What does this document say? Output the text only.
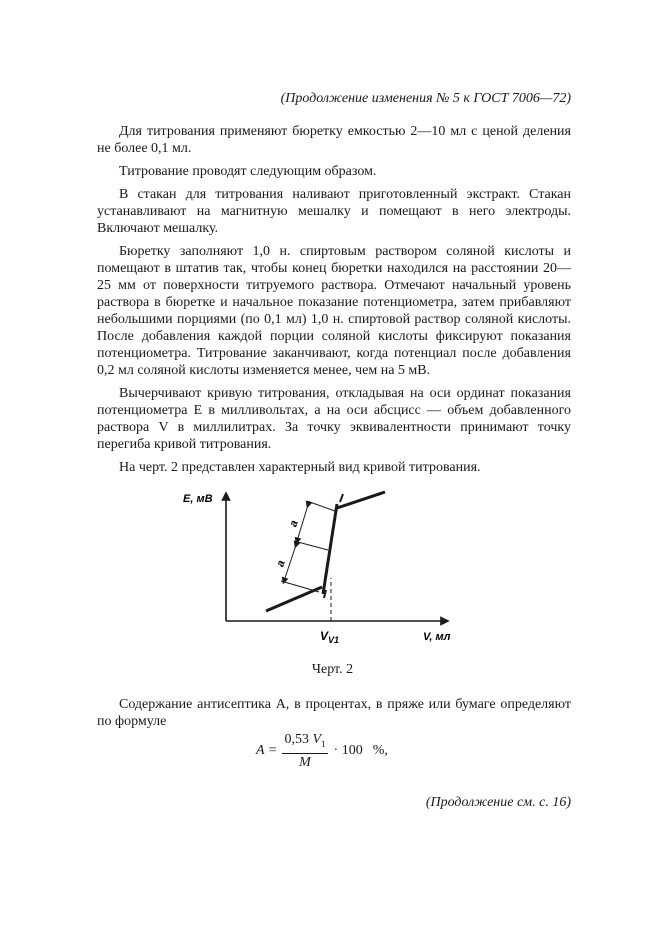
(Продолжение изменения № 5 к ГОСТ 7006—72)

Для титрования применяют бюретку емкостью 2—10 мл с ценой деления не более 0,1 мл.

Титрование проводят следующим образом.

В стакан для титрования наливают приготовленный экстракт. Стакан устанавливают на магнитную мешалку и помещают в него электроды. Включают мешалку.

Бюретку заполняют 1,0 н. спиртовым раствором соляной кислоты и помещают в штатив так, чтобы конец бюретки находился на расстоянии 20—25 мм от поверхности титруемого раствора. Отмечают начальный уровень раствора в бюретке и начальное показание потенциометра, затем прибавляют небольшими порциями (по 0,1 мл) 1,0 н. спиртовой раствор соляной кислоты. После добавления каждой порции соляной кислоты фиксируют показания потенциометра. Титрование заканчивают, когда потенциал после добавления 0,2 мл соляной кислоты изменяется менее, чем на 5 мВ.

Вычерчивают кривую титрования, откладывая на оси ординат показания потенциометра E в милливольтах, а на оси абсцисс — объем добавленного раствора V в миллилитрах. За точку эквивалентности принимают точку перегиба кривой титрования.

На черт. 2 представлен характерный вид кривой титрования.

E, мВ
V, мл
$V_{V1}$
a
a
Черт. 2

Содержание антисептика A, в процентах, в пряже или бумаге определяют по формуле

$A = \frac{0,53 V_1}{M} \cdot 100$ %,
(Продолжение см. с. 16)
